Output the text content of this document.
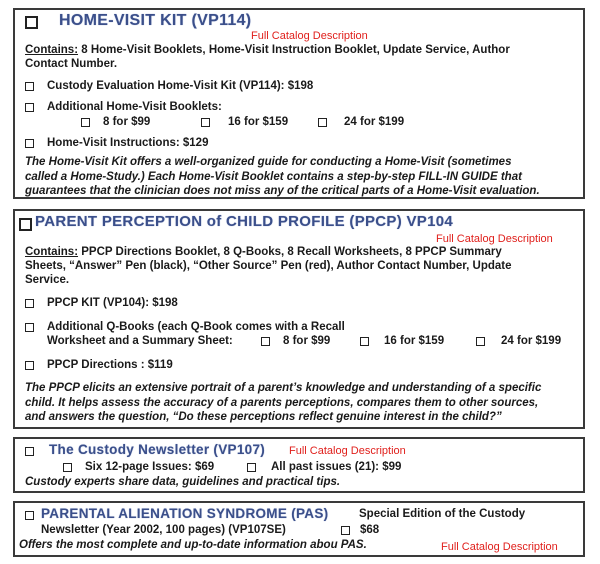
HOME-VISIT KIT (VP114)
Full Catalog Description
Contains: 8 Home-Visit Booklets, Home-Visit Instruction Booklet, Update Service, Author
Contact Number.
Custody Evaluation Home-Visit Kit (VP114): $198
Additional Home-Visit Booklets:
8 for $99	16 for $159	24 for $199
Home-Visit Instructions: $129
The Home-Visit Kit offers a well-organized guide for conducting a Home-Visit (sometimes
called a Home-Study.) Each Home-Visit Booklet contains a step-by-step FILL-IN GUIDE that
guarantees that the clinician does not miss any of the critical parts of a Home-Visit evaluation.
PARENT PERCEPTION of CHILD PROFILE (PPCP) VP104
Full Catalog Description
Contains: PPCP Directions Booklet, 8 Q-Books, 8 Recall Worksheets, 8 PPCP Summary
Sheets, “Answer” Pen (black), “Other Source” Pen (red), Author Contact Number, Update
Service.
PPCP KIT (VP104): $198
Additional Q-Books (each Q-Book comes with a Recall
Worksheet and a Summary Sheet:	8 for $99	16 for $159	24 for $199
PPCP Directions : $119
The PPCP elicits an extensive portrait of a parent’s knowledge and understanding of a specific
child. It helps assess the accuracy of a parents perceptions, compares them to other sources,
and answers the question, “Do these perceptions reflect genuine interest in the child?”
The Custody Newsletter (VP107) Full Catalog Description
Six 12-page Issues: $69	All past issues (21): $99
Custody experts share data, guidelines and practical tips.
PARENTAL ALIENATION SYNDROME (PAS)	Special Edition of the Custody
Newsletter (Year 2002, 100 pages) (VP107SE)	$68
Offers the most complete and up-to-date information abou PAS.	Full Catalog Description
